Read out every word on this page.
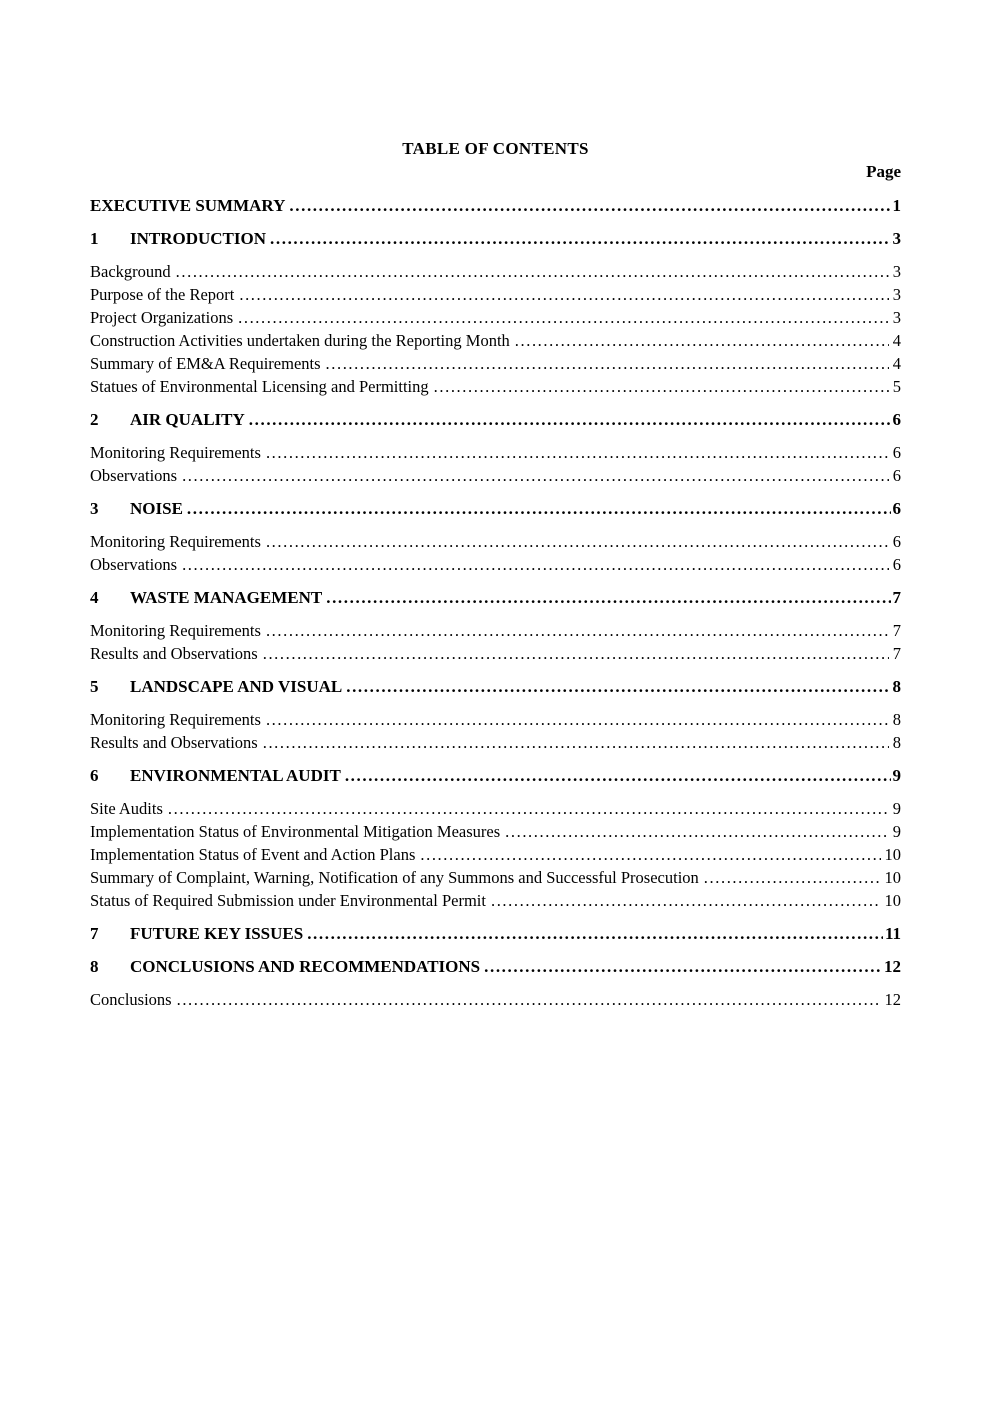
TABLE OF CONTENTS
Page
EXECUTIVE SUMMARY .....	1
1	INTRODUCTION .....	3
Background .....	3
Purpose of the Report .....	3
Project Organizations .....	3
Construction Activities undertaken during the Reporting Month .....	4
Summary of EM&A Requirements .....	4
Statues of Environmental Licensing and Permitting .....	5
2	AIR QUALITY .....	6
Monitoring Requirements .....	6
Observations .....	6
3	NOISE .....	6
Monitoring Requirements .....	6
Observations .....	6
4	WASTE MANAGEMENT .....	7
Monitoring Requirements .....	7
Results and Observations .....	7
5	LANDSCAPE AND VISUAL .....	8
Monitoring Requirements .....	8
Results and Observations .....	8
6	ENVIRONMENTAL AUDIT .....	9
Site Audits .....	9
Implementation Status of Environmental Mitigation Measures .....	9
Implementation Status of Event and Action Plans .....	10
Summary of Complaint, Warning, Notification of any Summons and Successful Prosecution .....	10
Status of Required Submission under Environmental Permit .....	10
7	FUTURE KEY ISSUES .....	11
8	CONCLUSIONS AND RECOMMENDATIONS .....	12
Conclusions .....	12
